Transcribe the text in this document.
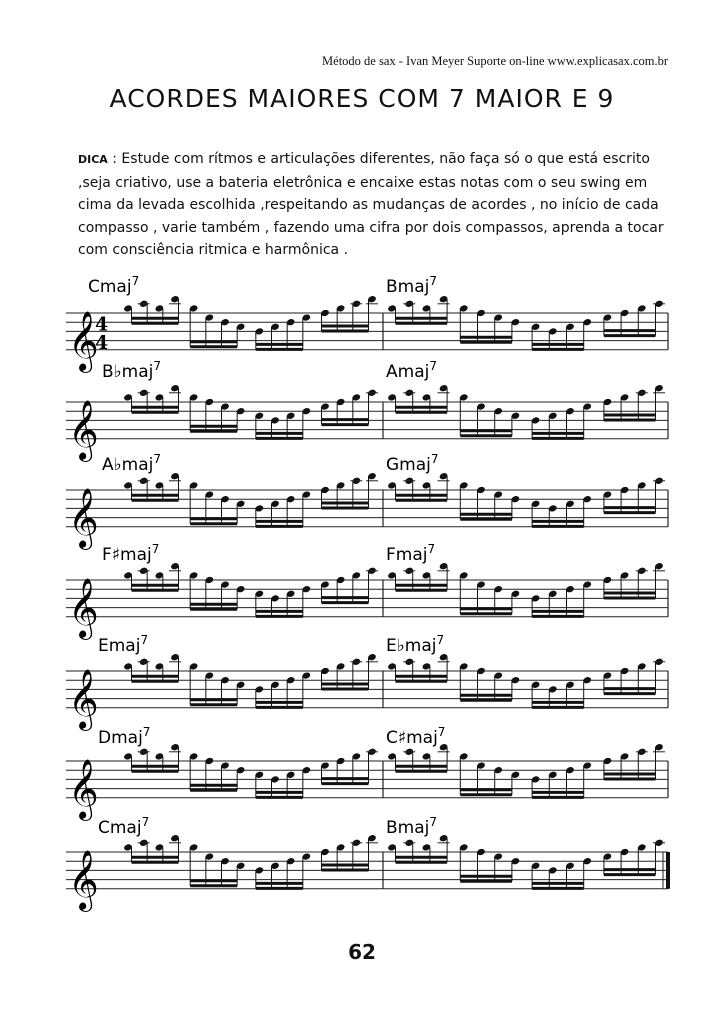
Método de sax - Ivan Meyer Suporte on-line www.explicasax.com.br
ACORDES MAIORES COM 7 MAIOR E 9
DICA : Estude com rítmos e articulações diferentes, não faça só o que está escrito ,seja criativo, use a bateria eletrônica e encaixe estas notas com o seu swing em cima da levada escolhida ,respeitando as mudanças de acordes , no início de cada compasso , varie também , fazendo uma cifra por dois compassos, aprenda a tocar com consciência ritmica e harmônica .
𝄞
4
4
Cmaj$^7$	Bmaj$^7$
𝄞
B♭maj$^7$	Amaj$^7$
𝄞
A♭maj$^7$	Gmaj$^7$
𝄞
F♯maj$^7$	Fmaj$^7$
𝄞
Emaj$^7$	E♭maj$^7$
𝄞
Dmaj$^7$	C♯maj$^7$
𝄞
Cmaj$^7$	Bmaj$^7$
62
